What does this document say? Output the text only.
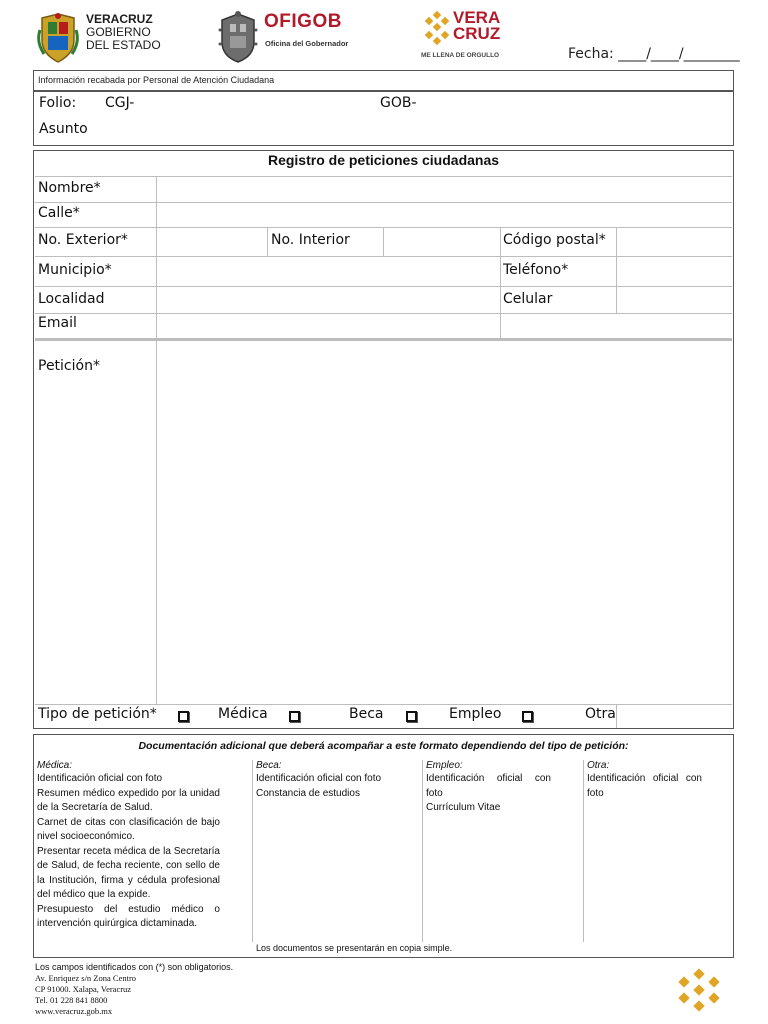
VERACRUZ
GOBIERNO
DEL ESTADO
OFIGOB
Oficina del Gobernador
VERA
CRUZ
ME LLENA DE ORGULLO	Fecha: ____/____/________
Información recabada por Personal de Atención Ciudadana
Folio: CGJ-	GOB-
Asunto
Registro de peticiones ciudadanas
Nombre*
Calle*
No. Exterior*	No. Interior	Código postal*
Municipio*	Teléfono*
Localidad	Celular
Email
Petición*
Tipo de petición*	Médica	Beca	Empleo	Otra
Documentación adicional que deberá acompañar a este formato dependiendo del tipo de petición:
Médica:
Identificación oficial con foto
Resumen médico expedido por la unidad de la Secretaría de Salud.
Carnet de citas con clasificación de bajo nivel socioeconómico.
Presentar receta médica de la Secretaría de Salud, de fecha reciente, con sello de la Institución, firma y cédula profesional del médico que la expide.
Presupuesto del estudio médico o intervención quirúrgica dictaminada.
Beca:
Identificación oficial con foto
Constancia de estudios
Empleo:
Identificación oficial con foto
Currículum Vitae
Otra:
Identificación oficial con foto
Los documentos se presentarán en copia simple.
Los campos identificados con (*) son obligatorios.
Av. Enriquez s/n Zona Centro
CP 91000. Xalapa, Veracruz
Tel. 01 228 841 8800
www.veracruz.gob.mx
